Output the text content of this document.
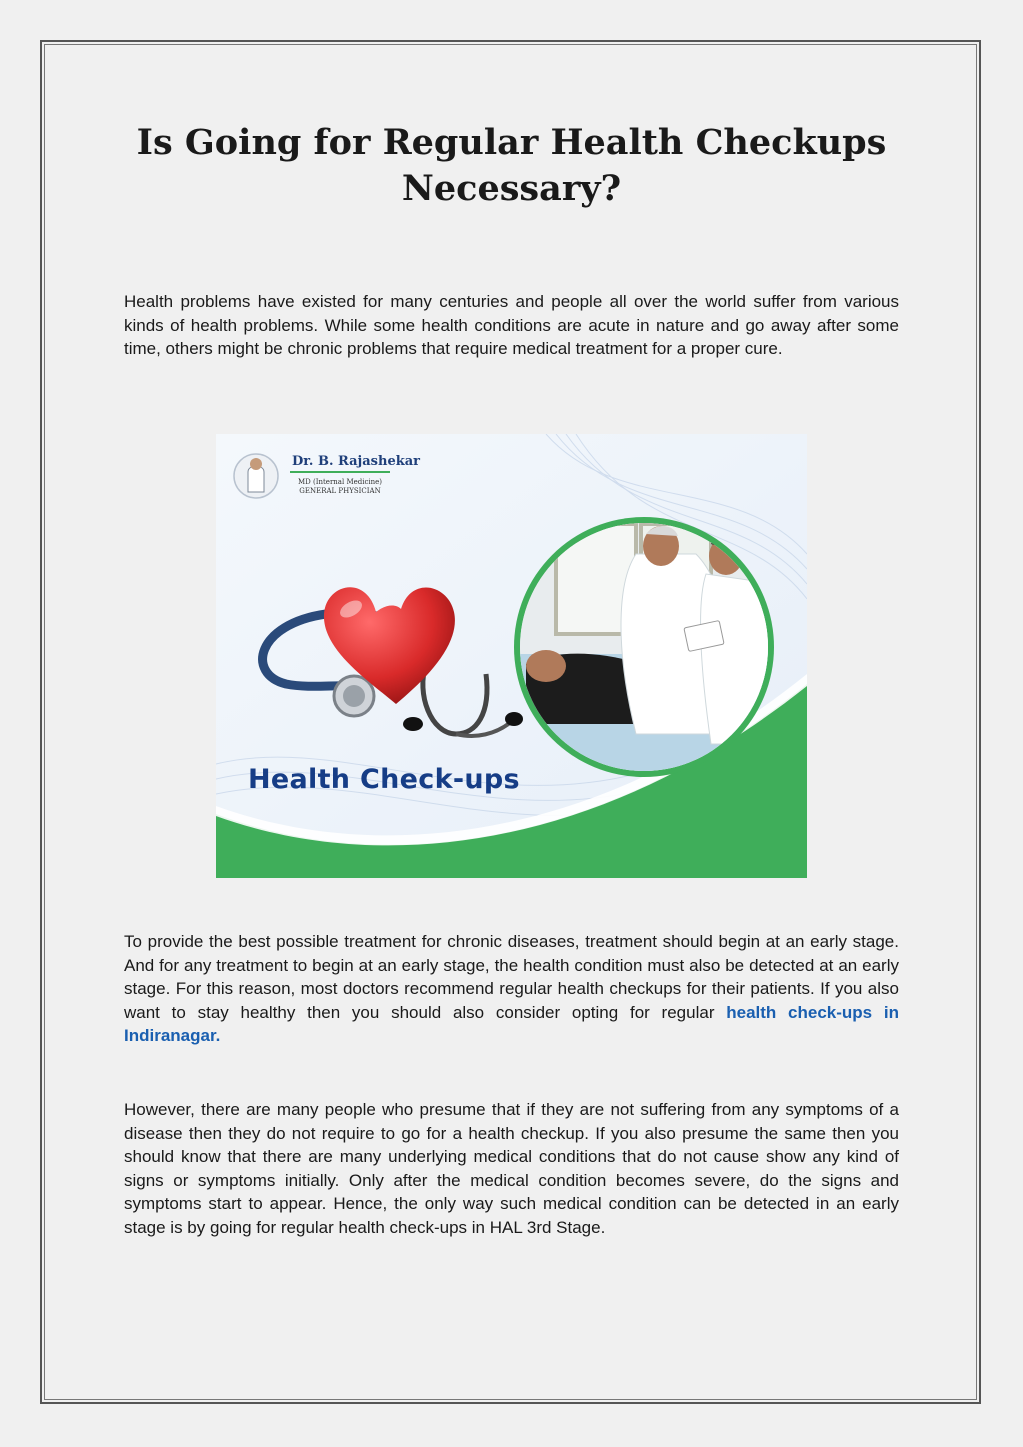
Is Going for Regular Health Checkups Necessary?

Health problems have existed for many centuries and people all over the world suffer from various kinds of health problems. While some health conditions are acute in nature and go away after some time, others might be chronic problems that require medical treatment for a proper cure.

Dr. B. Rajashekar
MD (Internal Medicine)
GENERAL PHYSICIAN
Health Check-ups

To provide the best possible treatment for chronic diseases, treatment should begin at an early stage. And for any treatment to begin at an early stage, the health condition must also be detected at an early stage. For this reason, most doctors recommend regular health checkups for their patients. If you also want to stay healthy then you should also consider opting for regular health check-ups in Indiranagar.

However, there are many people who presume that if they are not suffering from any symptoms of a disease then they do not require to go for a health checkup. If you also presume the same then you should know that there are many underlying medical conditions that do not cause show any kind of signs or symptoms initially. Only after the medical condition becomes severe, do the signs and symptoms start to appear. Hence, the only way such medical condition can be detected in an early stage is by going for regular health check-ups in HAL 3rd Stage.
